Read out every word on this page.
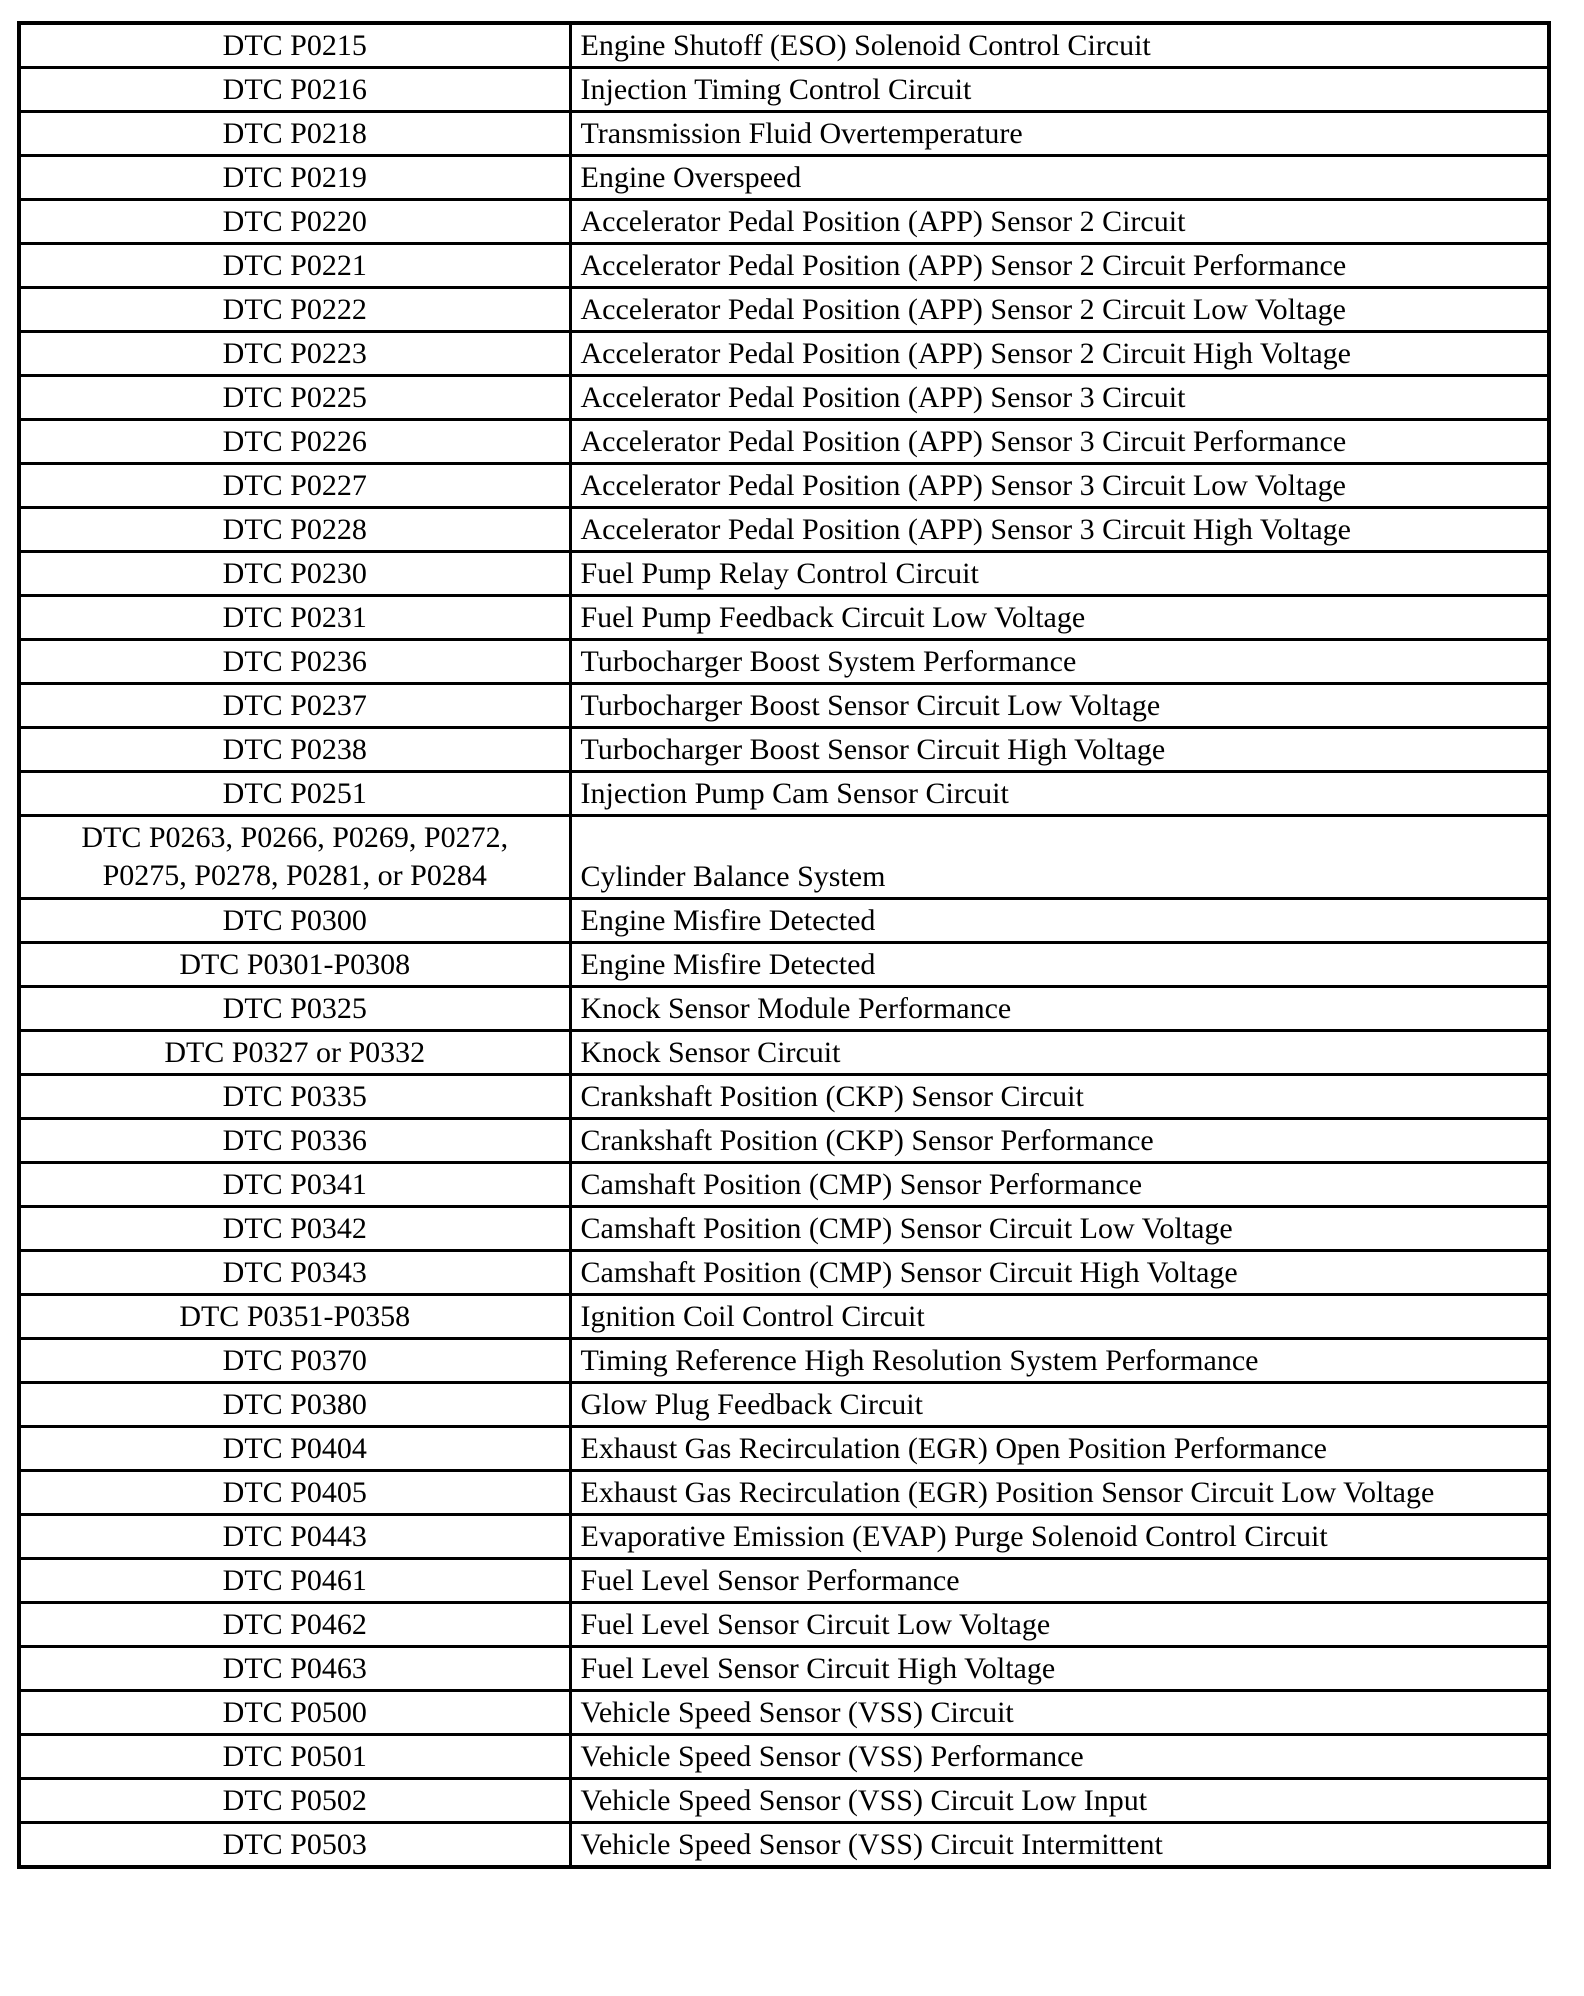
DTC P0215	Engine Shutoff (ESO) Solenoid Control Circuit
DTC P0216	Injection Timing Control Circuit
DTC P0218	Transmission Fluid Overtemperature
DTC P0219	Engine Overspeed
DTC P0220	Accelerator Pedal Position (APP) Sensor 2 Circuit
DTC P0221	Accelerator Pedal Position (APP) Sensor 2 Circuit Performance
DTC P0222	Accelerator Pedal Position (APP) Sensor 2 Circuit Low Voltage
DTC P0223	Accelerator Pedal Position (APP) Sensor 2 Circuit High Voltage
DTC P0225	Accelerator Pedal Position (APP) Sensor 3 Circuit
DTC P0226	Accelerator Pedal Position (APP) Sensor 3 Circuit Performance
DTC P0227	Accelerator Pedal Position (APP) Sensor 3 Circuit Low Voltage
DTC P0228	Accelerator Pedal Position (APP) Sensor 3 Circuit High Voltage
DTC P0230	Fuel Pump Relay Control Circuit
DTC P0231	Fuel Pump Feedback Circuit Low Voltage
DTC P0236	Turbocharger Boost System Performance
DTC P0237	Turbocharger Boost Sensor Circuit Low Voltage
DTC P0238	Turbocharger Boost Sensor Circuit High Voltage
DTC P0251	Injection Pump Cam Sensor Circuit
DTC P0263, P0266, P0269, P0272,
P0275, P0278, P0281, or P0284	Cylinder Balance System
DTC P0300	Engine Misfire Detected
DTC P0301-P0308	Engine Misfire Detected
DTC P0325	Knock Sensor Module Performance
DTC P0327 or P0332	Knock Sensor Circuit
DTC P0335	Crankshaft Position (CKP) Sensor Circuit
DTC P0336	Crankshaft Position (CKP) Sensor Performance
DTC P0341	Camshaft Position (CMP) Sensor Performance
DTC P0342	Camshaft Position (CMP) Sensor Circuit Low Voltage
DTC P0343	Camshaft Position (CMP) Sensor Circuit High Voltage
DTC P0351-P0358	Ignition Coil Control Circuit
DTC P0370	Timing Reference High Resolution System Performance
DTC P0380	Glow Plug Feedback Circuit
DTC P0404	Exhaust Gas Recirculation (EGR) Open Position Performance
DTC P0405	Exhaust Gas Recirculation (EGR) Position Sensor Circuit Low Voltage
DTC P0443	Evaporative Emission (EVAP) Purge Solenoid Control Circuit
DTC P0461	Fuel Level Sensor Performance
DTC P0462	Fuel Level Sensor Circuit Low Voltage
DTC P0463	Fuel Level Sensor Circuit High Voltage
DTC P0500	Vehicle Speed Sensor (VSS) Circuit
DTC P0501	Vehicle Speed Sensor (VSS) Performance
DTC P0502	Vehicle Speed Sensor (VSS) Circuit Low Input
DTC P0503	Vehicle Speed Sensor (VSS) Circuit Intermittent
